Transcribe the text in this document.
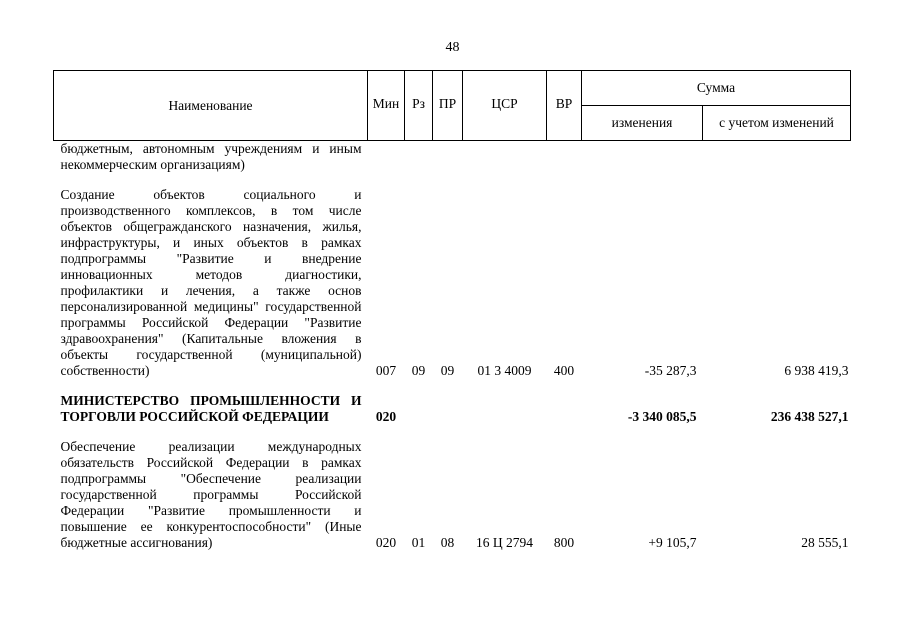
48
Наименование	Мин	Рз	ПР	ЦСР	ВР	Сумма	
						изменения	с учетом изменений
бюджетным, автономным учреждениям и иным некоммерческим организациям)							
Создание объектов социального и производственного комплексов, в том числе объектов общегражданского назначения, жилья, инфраструктуры, и иных объектов в рамках подпрограммы "Развитие и внедрение инновационных методов диагностики, профилактики и лечения, а также основ персонализированной медицины" государственной программы Российской Федерации "Развитие здравоохранения" (Капитальные вложения в объекты государственной (муниципальной) собственности)	007	09	09	01 3 4009	400	-35 287,3	6 938 419,3
МИНИСТЕРСТВО ПРОМЫШЛЕННОСТИ И ТОРГОВЛИ РОССИЙСКОЙ ФЕДЕРАЦИИ	020					-3 340 085,5	236 438 527,1
Обеспечение реализации международных обязательств Российской Федерации в рамках подпрограммы "Обеспечение реализации государственной программы Российской Федерации "Развитие промышленности и повышение ее конкурентоспособности" (Иные бюджетные ассигнования)	020	01	08	16 Ц 2794	800	+9 105,7	28 555,1
